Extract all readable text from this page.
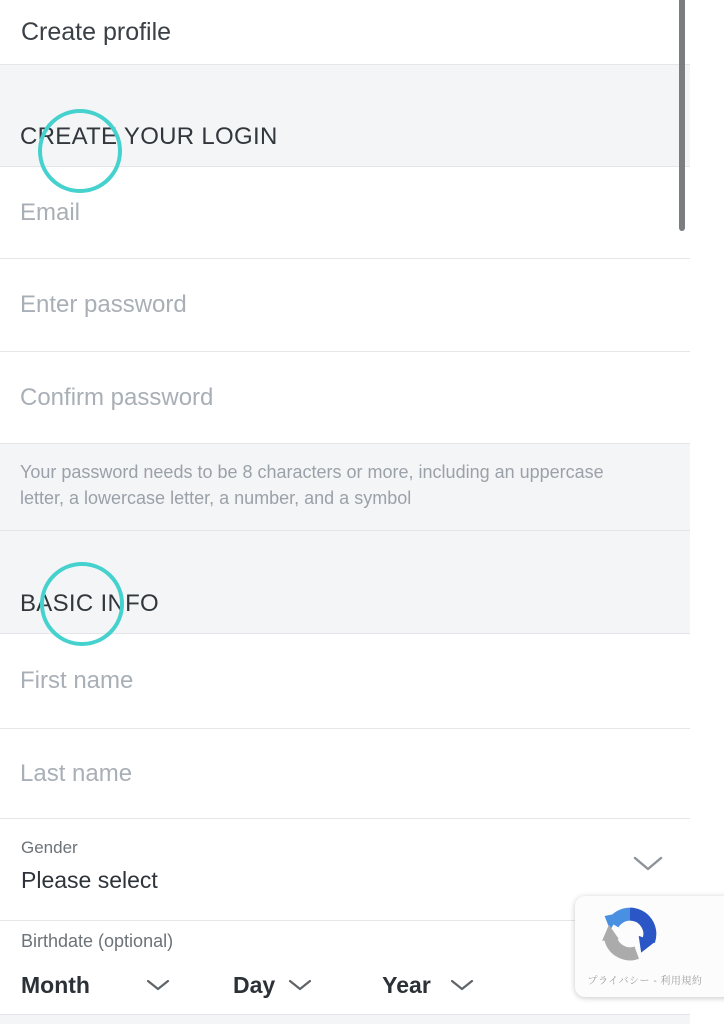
Create profile
CREATE YOUR LOGIN
Email
Enter password
Confirm password

Your password needs to be 8 characters or more, including an uppercase letter, a lowercase letter, a number, and a symbol

BASIC INFO
First name
Last name
Gender
Please select
Birthdate (optional)
Month	Day	Year	プライバシー - 利用規約
